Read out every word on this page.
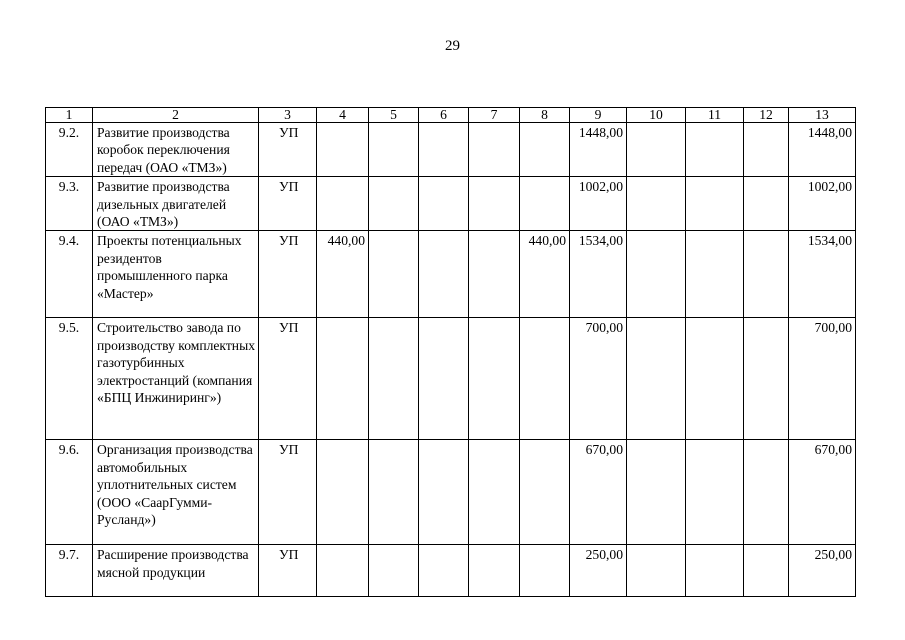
29
1	2	3	4	5	6	7	8	9	10	11	12	13
9.2.	Развитие производства коробок переключения передач (ОАО «ТМЗ»)	УП						1448,00				1448,00
9.3.	Развитие производства дизельных двигателей (ОАО «ТМЗ»)	УП						1002,00				1002,00
9.4.	Проекты потенциальных резидентов промышленного парка «Мастер»	УП	440,00				440,00	1534,00				1534,00
9.5.	Строительство завода по производству комплектных газотурбинных электростанций (компания «БПЦ Инжиниринг»)	УП						700,00				700,00
9.6.	Организация производства автомобильных уплотнительных систем (ООО «СаарГумми-Русланд»)	УП						670,00				670,00
9.7.	Расширение производства мясной продукции	УП						250,00				250,00
